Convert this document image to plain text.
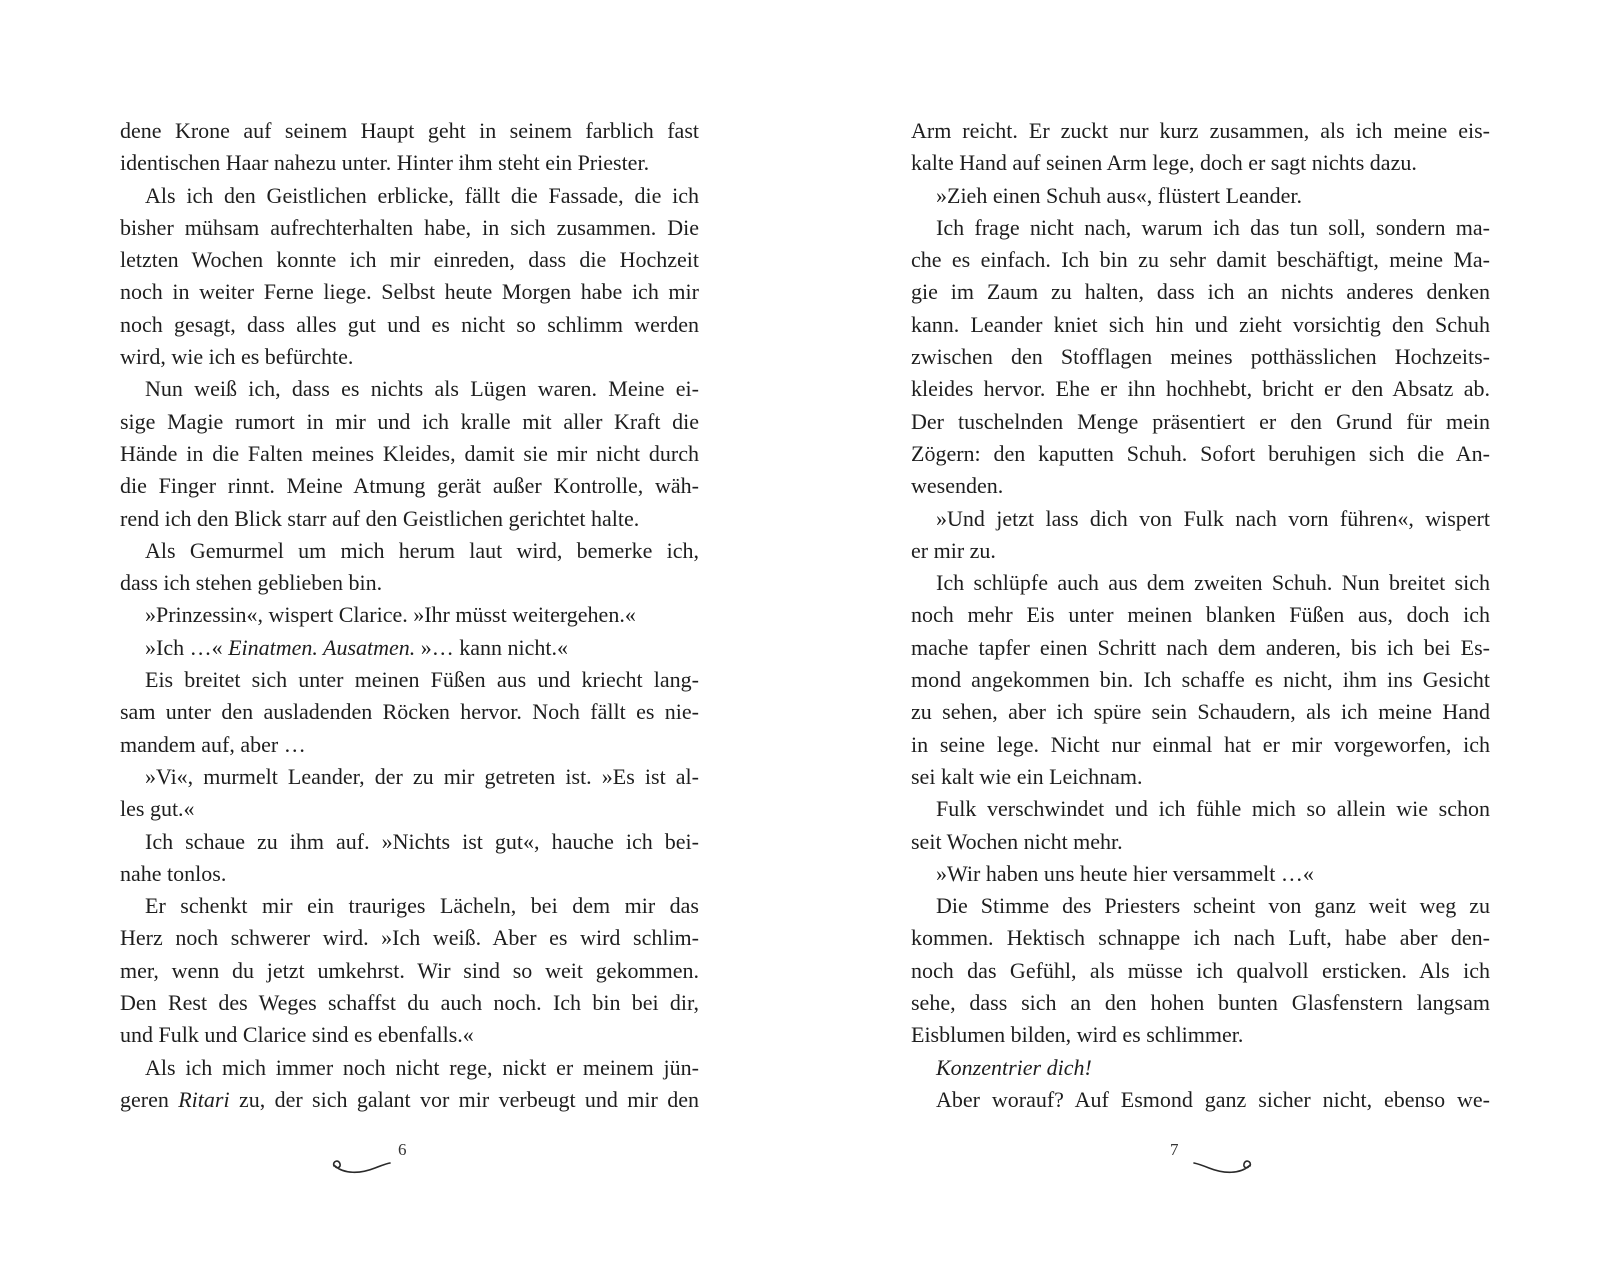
dene Krone auf seinem Haupt geht in seinem farblich fast
identischen Haar nahezu unter. Hinter ihm steht ein Priester.
Als ich den Geistlichen erblicke, fällt die Fassade, die ich
bisher mühsam aufrechterhalten habe, in sich zusammen. Die
letzten Wochen konnte ich mir einreden, dass die Hochzeit
noch in weiter Ferne liege. Selbst heute Morgen habe ich mir
noch gesagt, dass alles gut und es nicht so schlimm werden
wird, wie ich es befürchte.
Nun weiß ich, dass es nichts als Lügen waren. Meine ei-
sige Magie rumort in mir und ich kralle mit aller Kraft die
Hände in die Falten meines Kleides, damit sie mir nicht durch
die Finger rinnt. Meine Atmung gerät außer Kontrolle, wäh-
rend ich den Blick starr auf den Geistlichen gerichtet halte.
Als Gemurmel um mich herum laut wird, bemerke ich,
dass ich stehen geblieben bin.
»Prinzessin«, wispert Clarice. »Ihr müsst weitergehen.«
»Ich …« Einatmen. Ausatmen. »… kann nicht.«
Eis breitet sich unter meinen Füßen aus und kriecht lang-
sam unter den ausladenden Röcken hervor. Noch fällt es nie-
mandem auf, aber …
»Vi«, murmelt Leander, der zu mir getreten ist. »Es ist al-
les gut.«
Ich schaue zu ihm auf. »Nichts ist gut«, hauche ich bei-
nahe tonlos.
Er schenkt mir ein trauriges Lächeln, bei dem mir das
Herz noch schwerer wird. »Ich weiß. Aber es wird schlim-
mer, wenn du jetzt umkehrst. Wir sind so weit gekommen.
Den Rest des Weges schaffst du auch noch. Ich bin bei dir,
und Fulk und Clarice sind es ebenfalls.«
Als ich mich immer noch nicht rege, nickt er meinem jün-
geren Ritari zu, der sich galant vor mir verbeugt und mir den
6
Arm reicht. Er zuckt nur kurz zusammen, als ich meine eis-
kalte Hand auf seinen Arm lege, doch er sagt nichts dazu.
»Zieh einen Schuh aus«, flüstert Leander.
Ich frage nicht nach, warum ich das tun soll, sondern ma-
che es einfach. Ich bin zu sehr damit beschäftigt, meine Ma-
gie im Zaum zu halten, dass ich an nichts anderes denken
kann. Leander kniet sich hin und zieht vorsichtig den Schuh
zwischen den Stofflagen meines potthässlichen Hochzeits-
kleides hervor. Ehe er ihn hochhebt, bricht er den Absatz ab.
Der tuschelnden Menge präsentiert er den Grund für mein
Zögern: den kaputten Schuh. Sofort beruhigen sich die An-
wesenden.
»Und jetzt lass dich von Fulk nach vorn führen«, wispert
er mir zu.
Ich schlüpfe auch aus dem zweiten Schuh. Nun breitet sich
noch mehr Eis unter meinen blanken Füßen aus, doch ich
mache tapfer einen Schritt nach dem anderen, bis ich bei Es-
mond angekommen bin. Ich schaffe es nicht, ihm ins Gesicht
zu sehen, aber ich spüre sein Schaudern, als ich meine Hand
in seine lege. Nicht nur einmal hat er mir vorgeworfen, ich
sei kalt wie ein Leichnam.
Fulk verschwindet und ich fühle mich so allein wie schon
seit Wochen nicht mehr.
»Wir haben uns heute hier versammelt …«
Die Stimme des Priesters scheint von ganz weit weg zu
kommen. Hektisch schnappe ich nach Luft, habe aber den-
noch das Gefühl, als müsse ich qualvoll ersticken. Als ich
sehe, dass sich an den hohen bunten Glasfenstern langsam
Eisblumen bilden, wird es schlimmer.
Konzentrier dich!
Aber worauf? Auf Esmond ganz sicher nicht, ebenso we-
7
